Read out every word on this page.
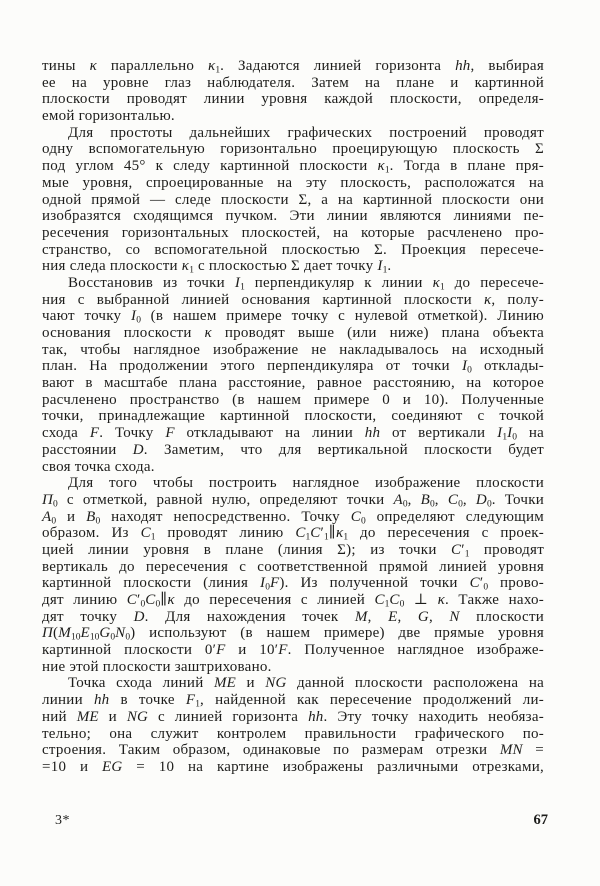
тины κ параллельно $\kappa_1$. Задаются линией горизонта hh, выбирая
ее на уровне глаз наблюдателя. Затем на плане и картинной
плоскости проводят линии уровня каждой плоскости, определя-
емой горизонталью.
Для простоты дальнейших графических построений проводят
одну вспомогательную горизонтально проецирующую плоскость Σ
под углом 45° к следу картинной плоскости $\kappa_1$. Тогда в плане пря-
мые уровня, спроецированные на эту плоскость, расположатся на
одной прямой — следе плоскости Σ, а на картинной плоскости они
изобразятся сходящимся пучком. Эти линии являются линиями пе-
ресечения горизонтальных плоскостей, на которые расчленено про-
странство, со вспомогательной плоскостью Σ. Проекция пересече-
ния следа плоскости $\kappa_1$ с плоскостью Σ дает точку $I_1$.
Восстановив из точки $I_1$ перпендикуляр к линии $\kappa_1$ до пересече-
ния с выбранной линией основания картинной плоскости κ, полу-
чают точку $I_0$ (в нашем примере точку с нулевой отметкой). Линию
основания плоскости κ проводят выше (или ниже) плана объекта
так, чтобы наглядное изображение не накладывалось на исходный
план. На продолжении этого перпендикуляра от точки $I_0$ отклады-
вают в масштабе плана расстояние, равное расстоянию, на которое
расчленено пространство (в нашем примере 0 и 10). Полученные
точки, принадлежащие картинной плоскости, соединяют с точкой
схода F. Точку F откладывают на линии hh от вертикали $I_1I_0$ на
расстоянии D. Заметим, что для вертикальной плоскости будет
своя точка схода.
Для того чтобы построить наглядное изображение плоскости
$\Pi_0$ с отметкой, равной нулю, определяют точки $A_0$, $B_0$, $C_0$, $D_0$. Точки
$A_0$ и $B_0$ находят непосредственно. Точку $C_0$ определяют следующим
образом. Из $C_1$ проводят линию $C_1C'_1\parallel\kappa_1$ до пересечения с проек-
цией линии уровня в плане (линия Σ); из точки $C'_1$ проводят
вертикаль до пересечения с соответственной прямой линией уровня
картинной плоскости (линия $I_0F$). Из полученной точки $C'_0$ прово-
дят линию $C'_0C_0\parallel\kappa$ до пересечения с линией $C_1C_0$ ⊥ κ. Также нахо-
дят точку D. Для нахождения точек M, E, G, N плоскости
$\Pi(M_{10}E_{10}G_0N_0)$ используют (в нашем примере) две прямые уровня
картинной плоскости 0′F и 10′F. Полученное наглядное изображе-
ние этой плоскости заштриховано.
Точка схода линий ME и NG данной плоскости расположена на
линии hh в точке $F_1$, найденной как пересечение продолжений ли-
ний ME и NG с линией горизонта hh. Эту точку находить необяза-
тельно; она служит контролем правильности графического по-
строения. Таким образом, одинаковые по размерам отрезки MN =
=10 и EG = 10 на картине изображены различными отрезками,
3*	67
